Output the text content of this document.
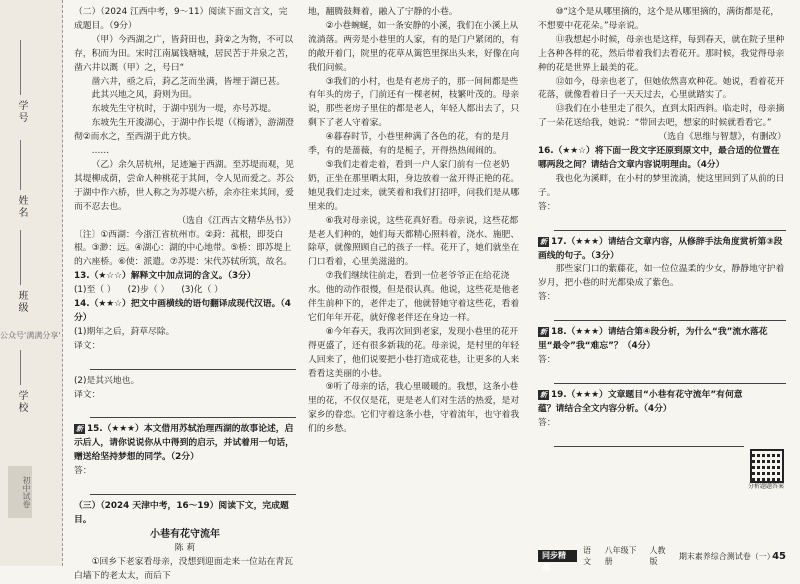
学号
姓名
班级
学校
初中试卷
公众号'满满分享'

（二）（2024 江西中考，9～11）阅读下面文言文，完成题目。（9分）

（甲）今西湖之广，皆葑田也，葑②之为物，不可以存，积而为田。宋时江南属钱塘城，居民苦于井泉之苦，凿六井以溉（甲）之，号曰“

凿六井，亟之后，葑乙芝而坐满，皆埋于湖已甚。

此其兴地之风，葑则为田。

东坡先生守杭时，于湖中别为一堤，亦号苏堤。

东坡先生开浚湖心，于湖中作长堤（《梅谱》，游湖澄彻②而水之，至西湖于此方快。

……

（乙）余久居杭州，足迹遍于西湖。至苏堤而观，见其堤柳成荫，尝命人种桃花于其间，令人见而爱之。苏公于湖中作六桥，世人称之为苏堤六桥，余亦往来其间，爱而不忍去也。

（选自《江西古文精华丛书》）

〔注〕①西湖：今浙江省杭州市。②葑：菰根，即茭白根。③渺：远。④湖心：湖的中心地带。⑤桥：即苏堤上的六座桥。⑥使：派遣。⑦苏堤：宋代苏轼所筑，故名。

13.（★☆☆）解释文中加点词的含义。（3分）

(1)至（ ） (2)步（ ） (3)化（ ）

14.（★★☆）把文中画横线的语句翻译成现代汉语。（4分）

(1)期年之后，葑草尽除。

译文：

(2)是其兴地也。

译文：

新 15.（★★★）本文借用苏轼治理西湖的故事论述，启示后人，请你说说你从中得到的启示，并试着用一句话，赠送给坚持梦想的同学。（2分）

答：

（三）（2024 天津中考，16～19）阅读下文，完成题目。

小巷有花守流年

陈 莉

①回乡下老家看母亲，没想到迎面走来一位站在青瓦白墙下的老太太，而后下

地，翻腾鼓舞着，融入了宁静的小巷。

②小巷蜿蜒，如一条安静的小溪，我们在小溪上从流淌落。两旁是小巷里的人家，有的是门户紧闭的，有的敞开着门，院里的花草从篱笆里探出头来，好像在向我们问候。

③我们的小村，也是有老房子的，那一间间都是些有年头的房子，门前还有一棵老树，枝繁叶茂的。母亲说，那些老房子里住的都是老人，年轻人都出去了，只剩下了老人守着家。

④暮春时节，小巷里种满了各色的花，有的是月季，有的是蔷薇，有的是栀子，开得热热闹闹的。

⑤我们走着走着，看到一户人家门前有一位老奶奶，正坐在那里晒太阳，身边放着一盆开得正艳的花。她见我们走过来，就笑着和我们打招呼，问我们是从哪里来的。

⑥我对母亲说，这些花真好看。母亲说，这些花都是老人们种的，她们每天都精心照料着，浇水、施肥、除草，就像照顾自己的孩子一样。花开了，她们就坐在门口看着，心里美滋滋的。

⑦我们继续往前走，看到一位老爷爷正在给花浇水。他的动作很慢，但是很认真。他说，这些花是他老伴生前种下的，老伴走了，他就替她守着这些花，看着它们年年开花，就好像老伴还在身边一样。

⑧今年春天，我再次回到老家，发现小巷里的花开得更盛了，还有很多新栽的花。母亲说，是村里的年轻人回来了，他们说要把小巷打造成花巷，让更多的人来看看这美丽的小巷。

⑨听了母亲的话，我心里暖暖的。我想，这条小巷里的花，不仅仅是花，更是老人们对生活的热爱，是对家乡的眷恋。它们守着这条小巷，守着流年，也守着我们的乡愁。

⑩“这个是从哪里摘的，这个是从哪里摘的，满街都是花，不想要中花花朵。”母亲说。

⑪我想起小时候，母亲也是这样，每到春天，就在院子里种上各种各样的花，然后带着我们去看花开。那时候，我觉得母亲种的花是世界上最美的花。

⑫如今，母亲也老了，但她依然喜欢种花。她说，看着花开花落，就像看着日子一天天过去，心里就踏实了。

⑬我们在小巷里走了很久，直到太阳西斜。临走时，母亲摘了一朵花送给我，她说：“带回去吧，想家的时候就看看它。”

（选自《思维与智慧》，有删改）

16.（★★☆）将下面一段文字还原到原文中，最合适的位置在哪两段之间？请结合文章内容说明理由。（4分）

我也化为溪畔，在小村的梦里流淌，使这里回到了从前的日子。

答：

新 17.（★★★）请结合文章内容，从修辞手法角度赏析第③段画线的句子。（3分）

那些家门口的紫藤花，如一位位温柔的少女，静静地守护着岁月，把小巷的时光都染成了紫色。

答：

新 18.（★★★）请结合第④段分析，为什么“我”流水落花里“最令”我“难忘”？（4分）

答：

新 19.（★★★）文章题目“小巷有花守流年”有何意蕴？请结合全文内容分析。（4分）

答：

分析题题答案
同步精练
语文
八年级下册
人教版
期末素养综合测试卷（一）
45
